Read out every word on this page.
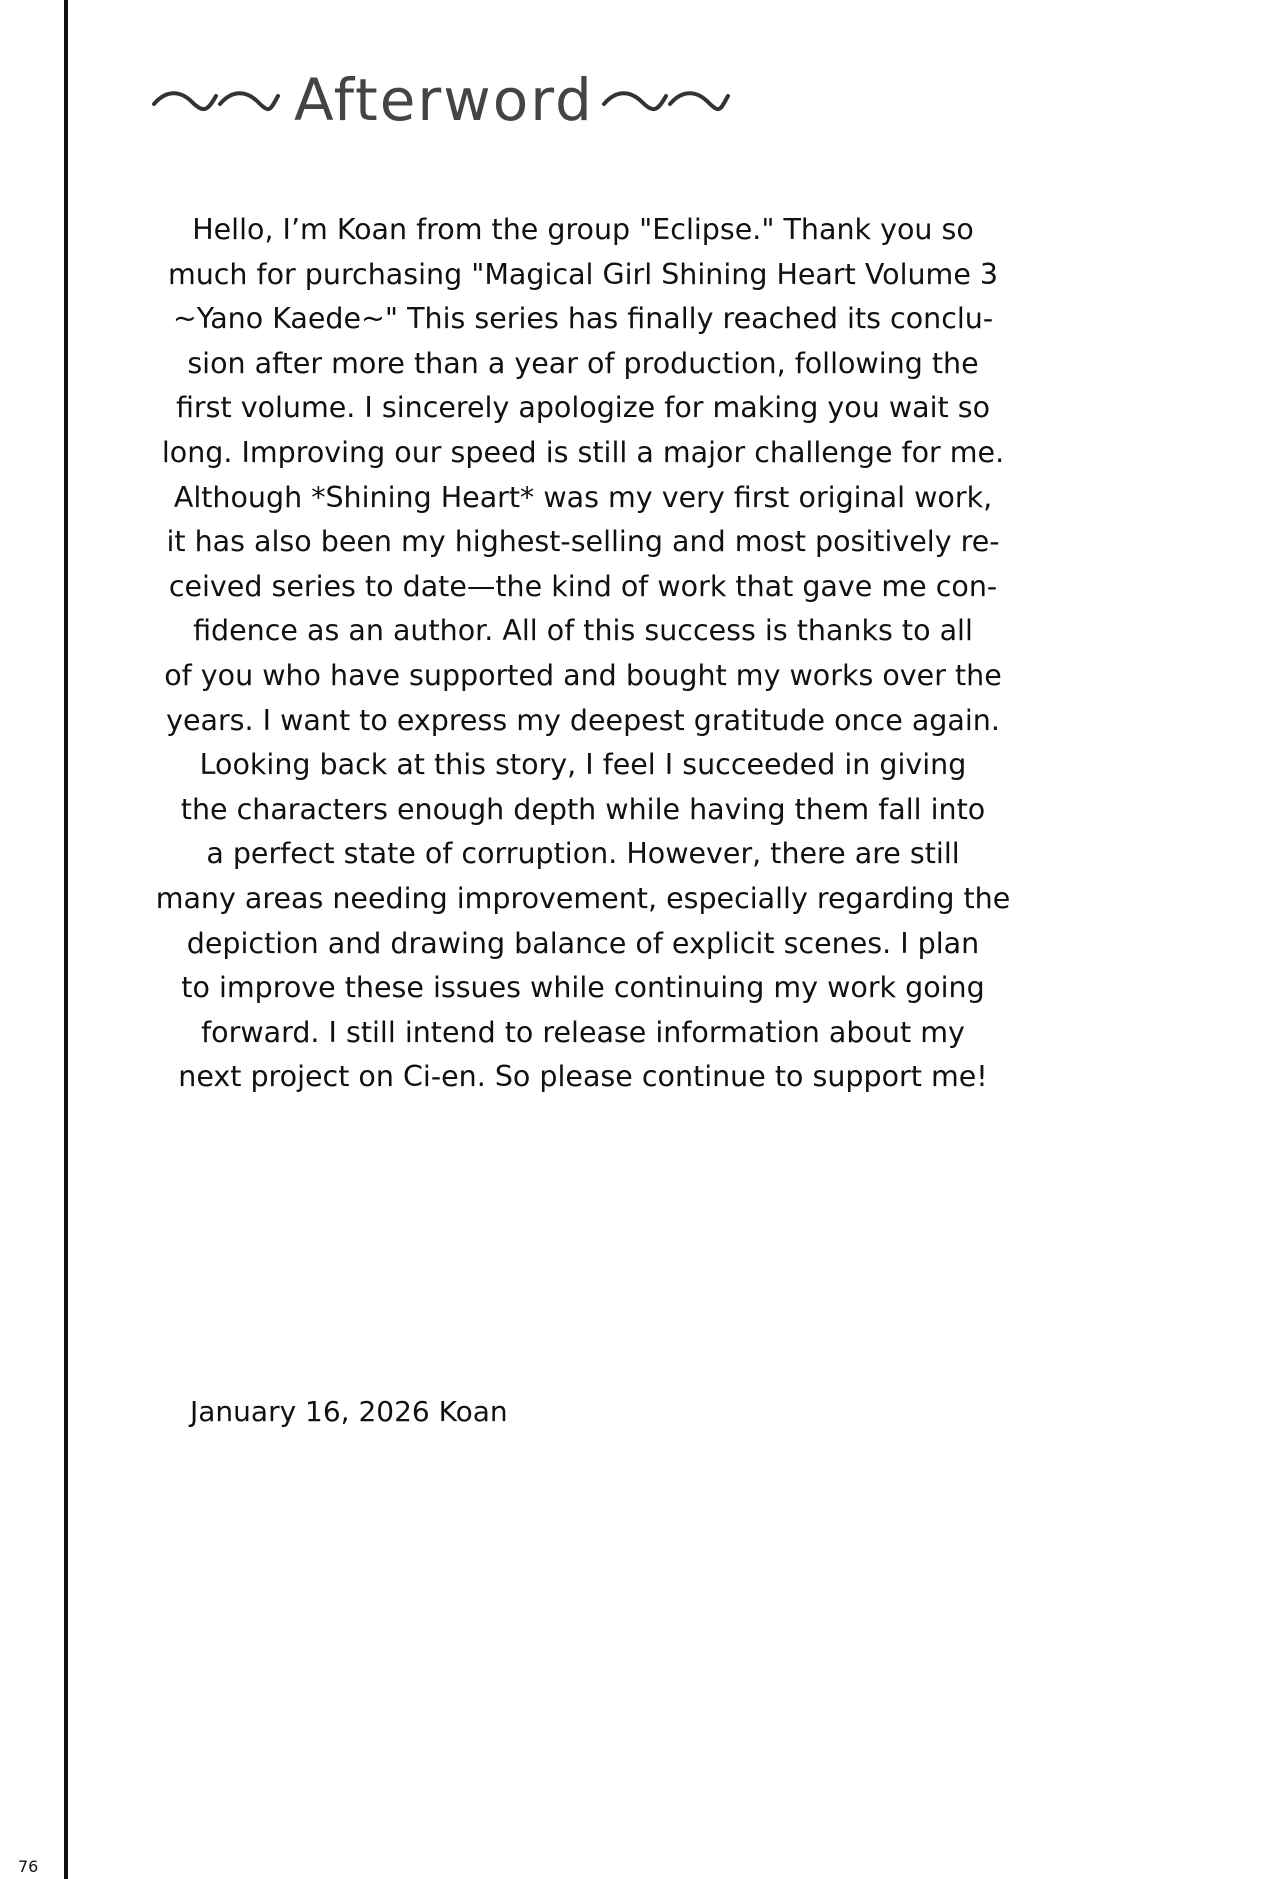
Afterword
Hello, I’m Koan from the group "Eclipse." Thank you so
much for purchasing "Magical Girl Shining Heart Volume 3
~Yano Kaede~" This series has finally reached its conclu-
sion after more than a year of production, following the
first volume. I sincerely apologize for making you wait so
long. Improving our speed is still a major challenge for me.
Although *Shining Heart* was my very first original work,
it has also been my highest-selling and most positively re-
ceived series to date—the kind of work that gave me con-
fidence as an author. All of this success is thanks to all
of you who have supported and bought my works over the
years. I want to express my deepest gratitude once again.
Looking back at this story, I feel I succeeded in giving
the characters enough depth while having them fall into
a perfect state of corruption. However, there are still
many areas needing improvement, especially regarding the
depiction and drawing balance of explicit scenes. I plan
to improve these issues while continuing my work going
forward. I still intend to release information about my
next project on Ci-en. So please continue to support me!
January 16, 2026 Koan
76
